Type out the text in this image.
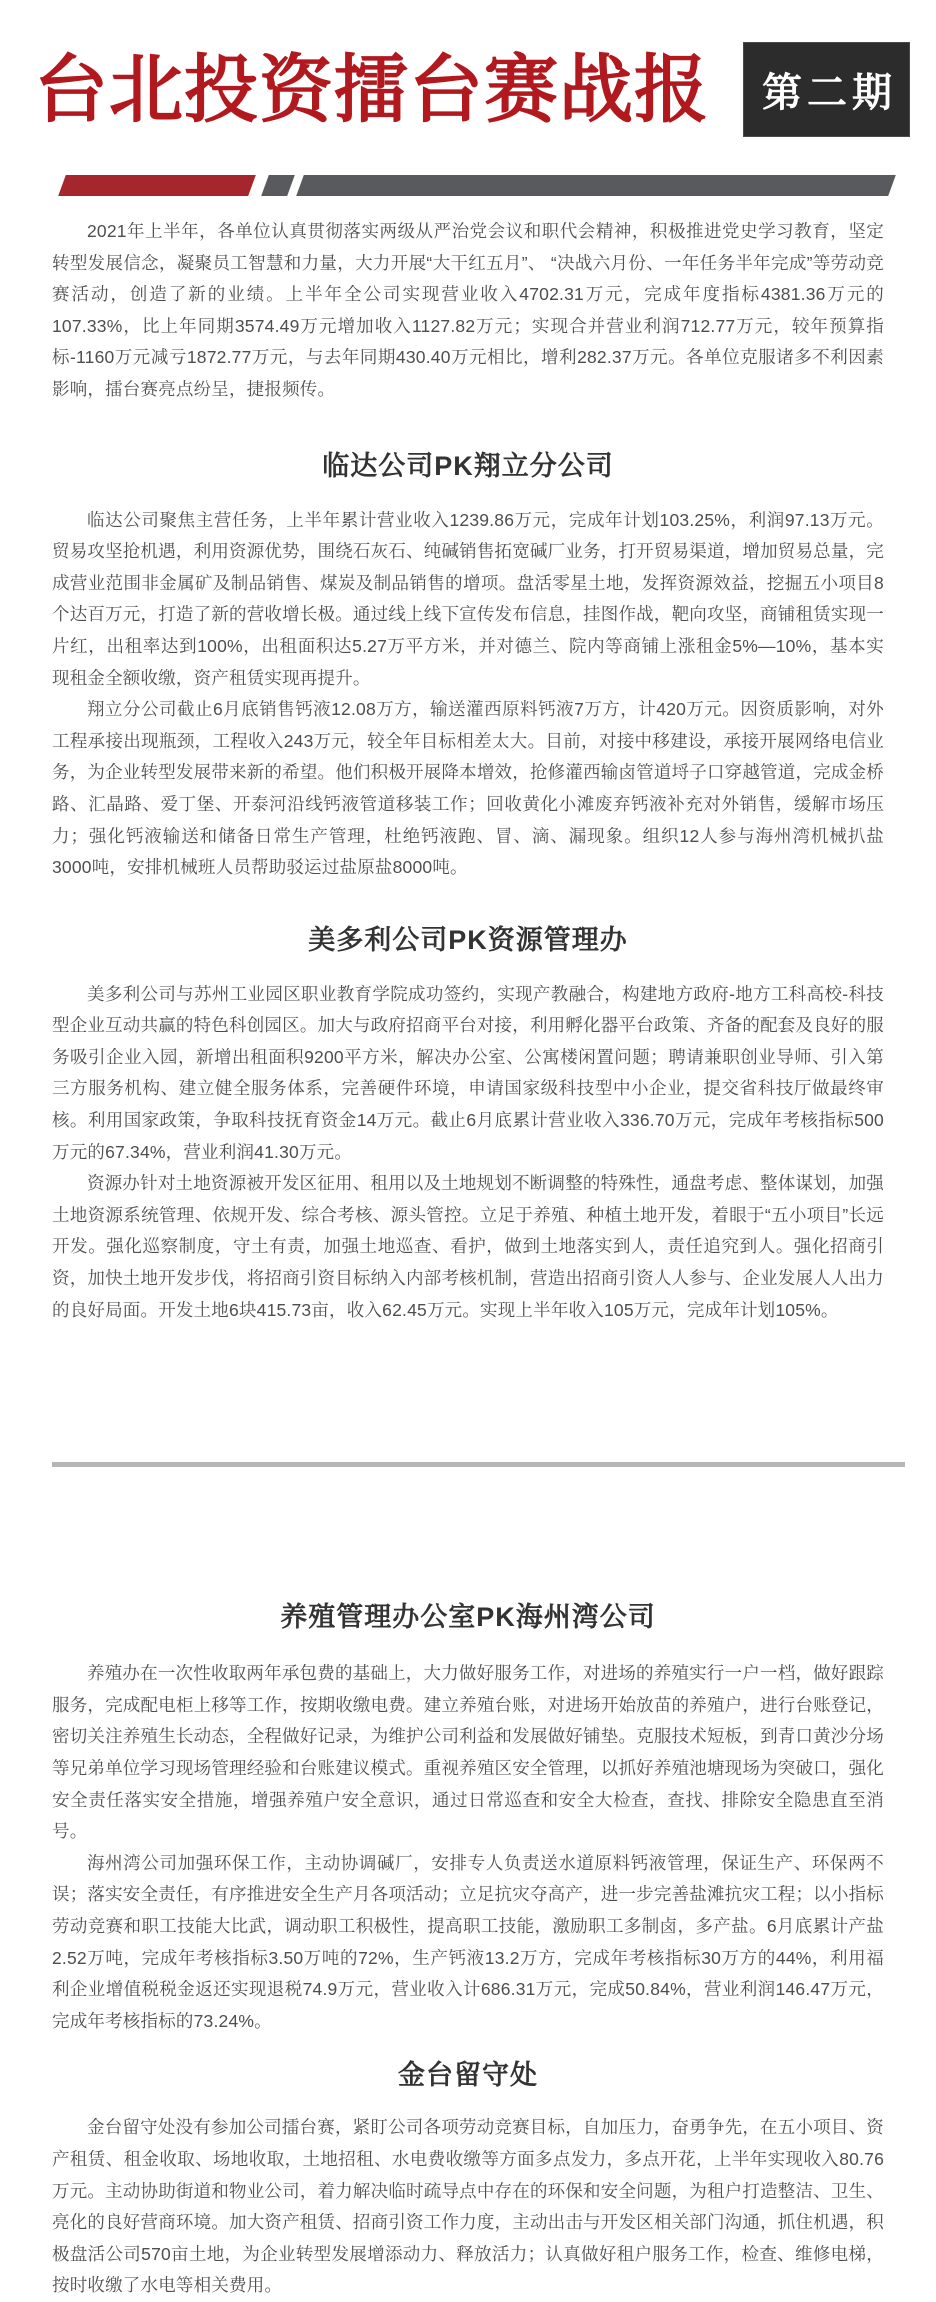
台北投资擂台赛战报	第二期

2021年上半年，各单位认真贯彻落实两级从严治党会议和职代会精神，积极推进党史学习教育，坚定转型发展信念，凝聚员工智慧和力量，大力开展“大干红五月”、 “决战六月份、一年任务半年完成”等劳动竞赛活动，创造了新的业绩。上半年全公司实现营业收入4702.31万元，完成年度指标4381.36万元的107.33%，比上年同期3574.49万元增加收入1127.82万元；实现合并营业利润712.77万元，较年预算指标-1160万元减亏1872.77万元，与去年同期430.40万元相比，增利282.37万元。各单位克服诸多不利因素影响，擂台赛亮点纷呈，捷报频传。

临达公司PK翔立分公司

临达公司聚焦主营任务，上半年累计营业收入1239.86万元，完成年计划103.25%，利润97.13万元。贸易攻坚抢机遇，利用资源优势，围绕石灰石、纯碱销售拓宽碱厂业务，打开贸易渠道，增加贸易总量，完成营业范围非金属矿及制品销售、煤炭及制品销售的增项。盘活零星土地，发挥资源效益，挖掘五小项目8个达百万元，打造了新的营收增长极。通过线上线下宣传发布信息，挂图作战，靶向攻坚，商铺租赁实现一片红，出租率达到100%，出租面积达5.27万平方米，并对德兰、院内等商铺上涨租金5%—10%，基本实现租金全额收缴，资产租赁实现再提升。

翔立分公司截止6月底销售钙液12.08万方，输送灌西原料钙液7万方，计420万元。因资质影响，对外工程承接出现瓶颈，工程收入243万元，较全年目标相差太大。目前，对接中移建设，承接开展网络电信业务，为企业转型发展带来新的希望。他们积极开展降本增效，抢修灌西输卤管道埒子口穿越管道，完成金桥路、汇晶路、爱丁堡、开泰河沿线钙液管道移装工作；回收黄化小滩废弃钙液补充对外销售，缓解市场压力；强化钙液输送和储备日常生产管理，杜绝钙液跑、冒、滴、漏现象。组织12人参与海州湾机械扒盐3000吨，安排机械班人员帮助驳运过盐原盐8000吨。

美多利公司PK资源管理办

美多利公司与苏州工业园区职业教育学院成功签约，实现产教融合，构建地方政府-地方工科高校-科技型企业互动共赢的特色科创园区。加大与政府招商平台对接，利用孵化器平台政策、齐备的配套及良好的服务吸引企业入园，新增出租面积9200平方米，解决办公室、公寓楼闲置问题；聘请兼职创业导师、引入第三方服务机构、建立健全服务体系，完善硬件环境，申请国家级科技型中小企业，提交省科技厅做最终审核。利用国家政策，争取科技抚育资金14万元。截止6月底累计营业收入336.70万元，完成年考核指标500万元的67.34%，营业利润41.30万元。

资源办针对土地资源被开发区征用、租用以及土地规划不断调整的特殊性，通盘考虑、整体谋划，加强土地资源系统管理、依规开发、综合考核、源头管控。立足于养殖、种植土地开发，着眼于“五小项目”长远开发。强化巡察制度，守土有责，加强土地巡查、看护，做到土地落实到人，责任追究到人。强化招商引资，加快土地开发步伐，将招商引资目标纳入内部考核机制，营造出招商引资人人参与、企业发展人人出力的良好局面。开发土地6块415.73亩，收入62.45万元。实现上半年收入105万元，完成年计划105%。

养殖管理办公室PK海州湾公司

养殖办在一次性收取两年承包费的基础上，大力做好服务工作，对进场的养殖实行一户一档，做好跟踪服务，完成配电柜上移等工作，按期收缴电费。建立养殖台账，对进场开始放苗的养殖户，进行台账登记，密切关注养殖生长动态，全程做好记录，为维护公司利益和发展做好铺垫。克服技术短板，到青口黄沙分场等兄弟单位学习现场管理经验和台账建议模式。重视养殖区安全管理，以抓好养殖池塘现场为突破口，强化安全责任落实安全措施，增强养殖户安全意识，通过日常巡查和安全大检查，查找、排除安全隐患直至消号。

海州湾公司加强环保工作，主动协调碱厂，安排专人负责送水道原料钙液管理，保证生产、环保两不误；落实安全责任，有序推进安全生产月各项活动；立足抗灾夺高产，进一步完善盐滩抗灾工程；以小指标劳动竞赛和职工技能大比武，调动职工积极性，提高职工技能，激励职工多制卤，多产盐。6月底累计产盐2.52万吨，完成年考核指标3.50万吨的72%，生产钙液13.2万方，完成年考核指标30万方的44%，利用福利企业增值税税金返还实现退税74.9万元，营业收入计686.31万元，完成50.84%，营业利润146.47万元，完成年考核指标的73.24%。

金台留守处

金台留守处没有参加公司擂台赛，紧盯公司各项劳动竞赛目标，自加压力，奋勇争先，在五小项目、资产租赁、租金收取、场地收取，土地招租、水电费收缴等方面多点发力，多点开花，上半年实现收入80.76万元。主动协助街道和物业公司，着力解决临时疏导点中存在的环保和安全问题，为租户打造整洁、卫生、亮化的良好营商环境。加大资产租赁、招商引资工作力度，主动出击与开发区相关部门沟通，抓住机遇，积极盘活公司570亩土地，为企业转型发展增添动力、释放活力；认真做好租户服务工作，检查、维修电梯，按时收缴了水电等相关费用。
